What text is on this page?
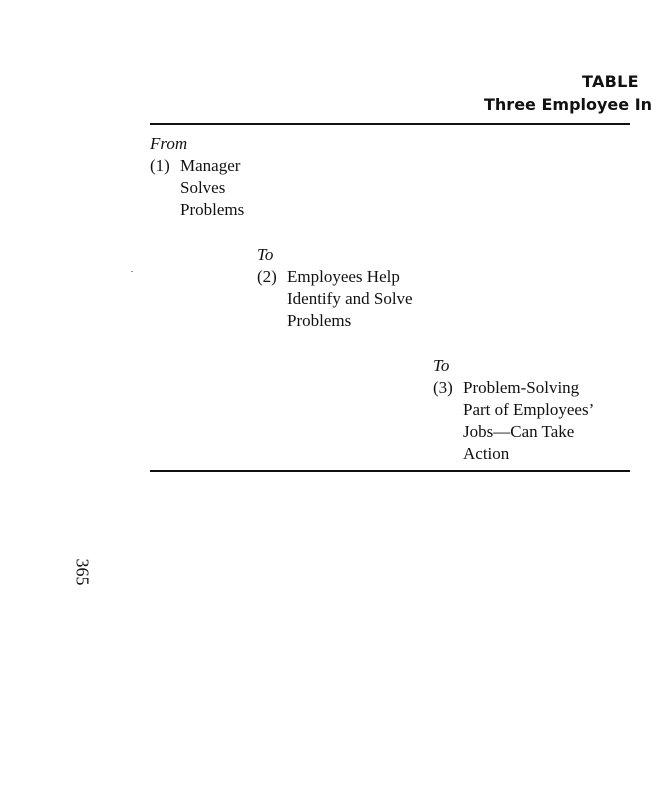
TABLE
Three Employee In
From
(1) Manager
Solves
Problems
To
(2) Employees Help
Identify and Solve
Problems
To
(3) Problem-Solving
Part of Employees’
Jobs—Can Take
Action
365
